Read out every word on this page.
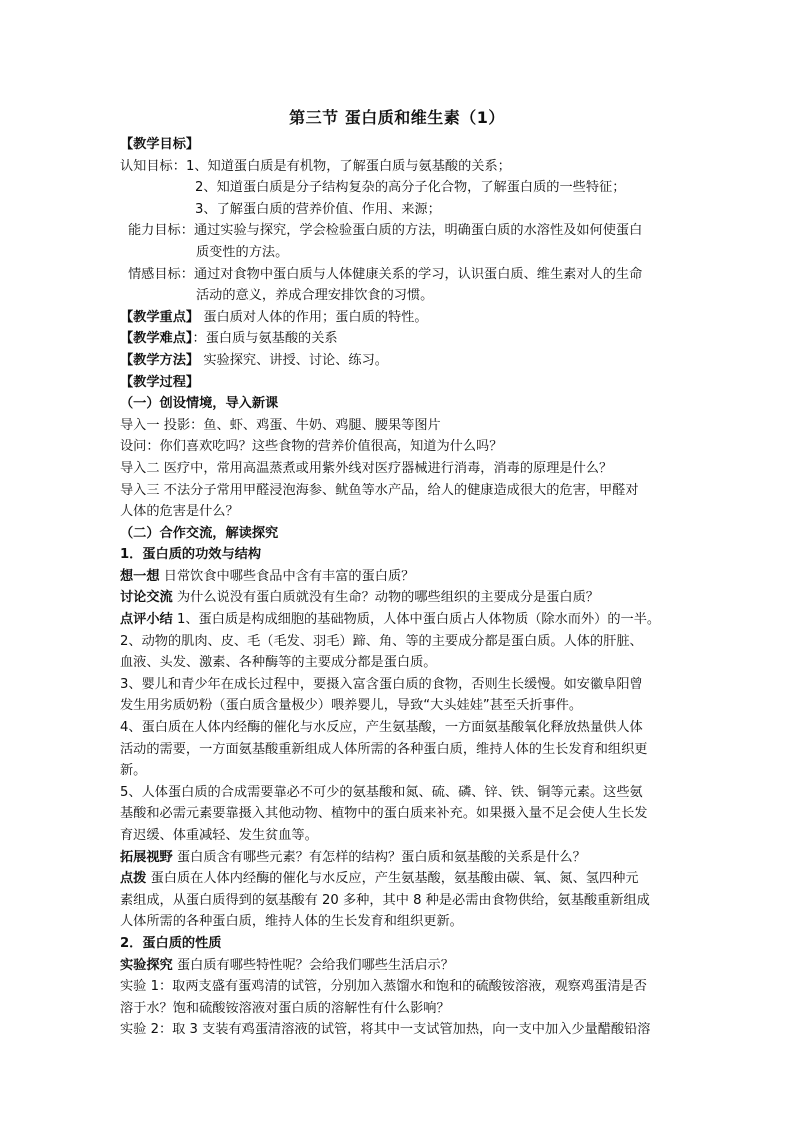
第三节 蛋白质和维生素（1）
【教学目标】
认知目标：1、知道蛋白质是有机物，了解蛋白质与氨基酸的关系；
2、知道蛋白质是分子结构复杂的高分子化合物，了解蛋白质的一些特征；
3、了解蛋白质的营养价值、作用、来源；
能力目标：通过实验与探究，学会检验蛋白质的方法，明确蛋白质的水溶性及如何使蛋白
质变性的方法。
情感目标：通过对食物中蛋白质与人体健康关系的学习，认识蛋白质、维生素对人的生命
活动的意义，养成合理安排饮食的习惯。
【教学重点】 蛋白质对人体的作用；蛋白质的特性。
【教学难点】：蛋白质与氨基酸的关系
【教学方法】 实验探究、讲授、讨论、练习。
【教学过程】
（一）创设情境，导入新课
导入一 投影：鱼、虾、鸡蛋、牛奶、鸡腿、腰果等图片
设问：你们喜欢吃吗？这些食物的营养价值很高，知道为什么吗？
导入二 医疗中，常用高温蒸煮或用紫外线对医疗器械进行消毒，消毒的原理是什么？
导入三 不法分子常用甲醛浸泡海参、鱿鱼等水产品，给人的健康造成很大的危害，甲醛对
人体的危害是什么？
（二）合作交流，解读探究
1．蛋白质的功效与结构
想一想 日常饮食中哪些食品中含有丰富的蛋白质？
讨论交流 为什么说没有蛋白质就没有生命？动物的哪些组织的主要成分是蛋白质？
点评小结 1、蛋白质是构成细胞的基础物质，人体中蛋白质占人体物质（除水而外）的一半。
2、动物的肌肉、皮、毛（毛发、羽毛）蹄、角、等的主要成分都是蛋白质。人体的肝脏、
血液、头发、激素、各种酶等的主要成分都是蛋白质。
3、婴儿和青少年在成长过程中，要摄入富含蛋白质的食物，否则生长缓慢。如安徽阜阳曾
发生用劣质奶粉（蛋白质含量极少）喂养婴儿，导致“大头娃娃”甚至夭折事件。
4、蛋白质在人体内经酶的催化与水反应，产生氨基酸，一方面氨基酸氧化释放热量供人体
活动的需要，一方面氨基酸重新组成人体所需的各种蛋白质，维持人体的生长发育和组织更
新。
5、人体蛋白质的合成需要靠必不可少的氨基酸和氮、硫、磷、锌、铁、铜等元素。这些氨
基酸和必需元素要靠摄入其他动物、植物中的蛋白质来补充。如果摄入量不足会使人生长发
育迟缓、体重减轻、发生贫血等。
拓展视野 蛋白质含有哪些元素？有怎样的结构？蛋白质和氨基酸的关系是什么？
点拨 蛋白质在人体内经酶的催化与水反应，产生氨基酸，氨基酸由碳、氧、氮、氢四种元
素组成，从蛋白质得到的氨基酸有 20 多种，其中 8 种是必需由食物供给，氨基酸重新组成
人体所需的各种蛋白质，维持人体的生长发育和组织更新。
2．蛋白质的性质
实验探究 蛋白质有哪些特性呢？会给我们哪些生活启示？
实验 1：取两支盛有蛋鸡清的试管，分别加入蒸馏水和饱和的硫酸铵溶液，观察鸡蛋清是否
溶于水？饱和硫酸铵溶液对蛋白质的溶解性有什么影响？
实验 2：取 3 支装有鸡蛋清溶液的试管，将其中一支试管加热，向一支中加入少量醋酸铅溶
